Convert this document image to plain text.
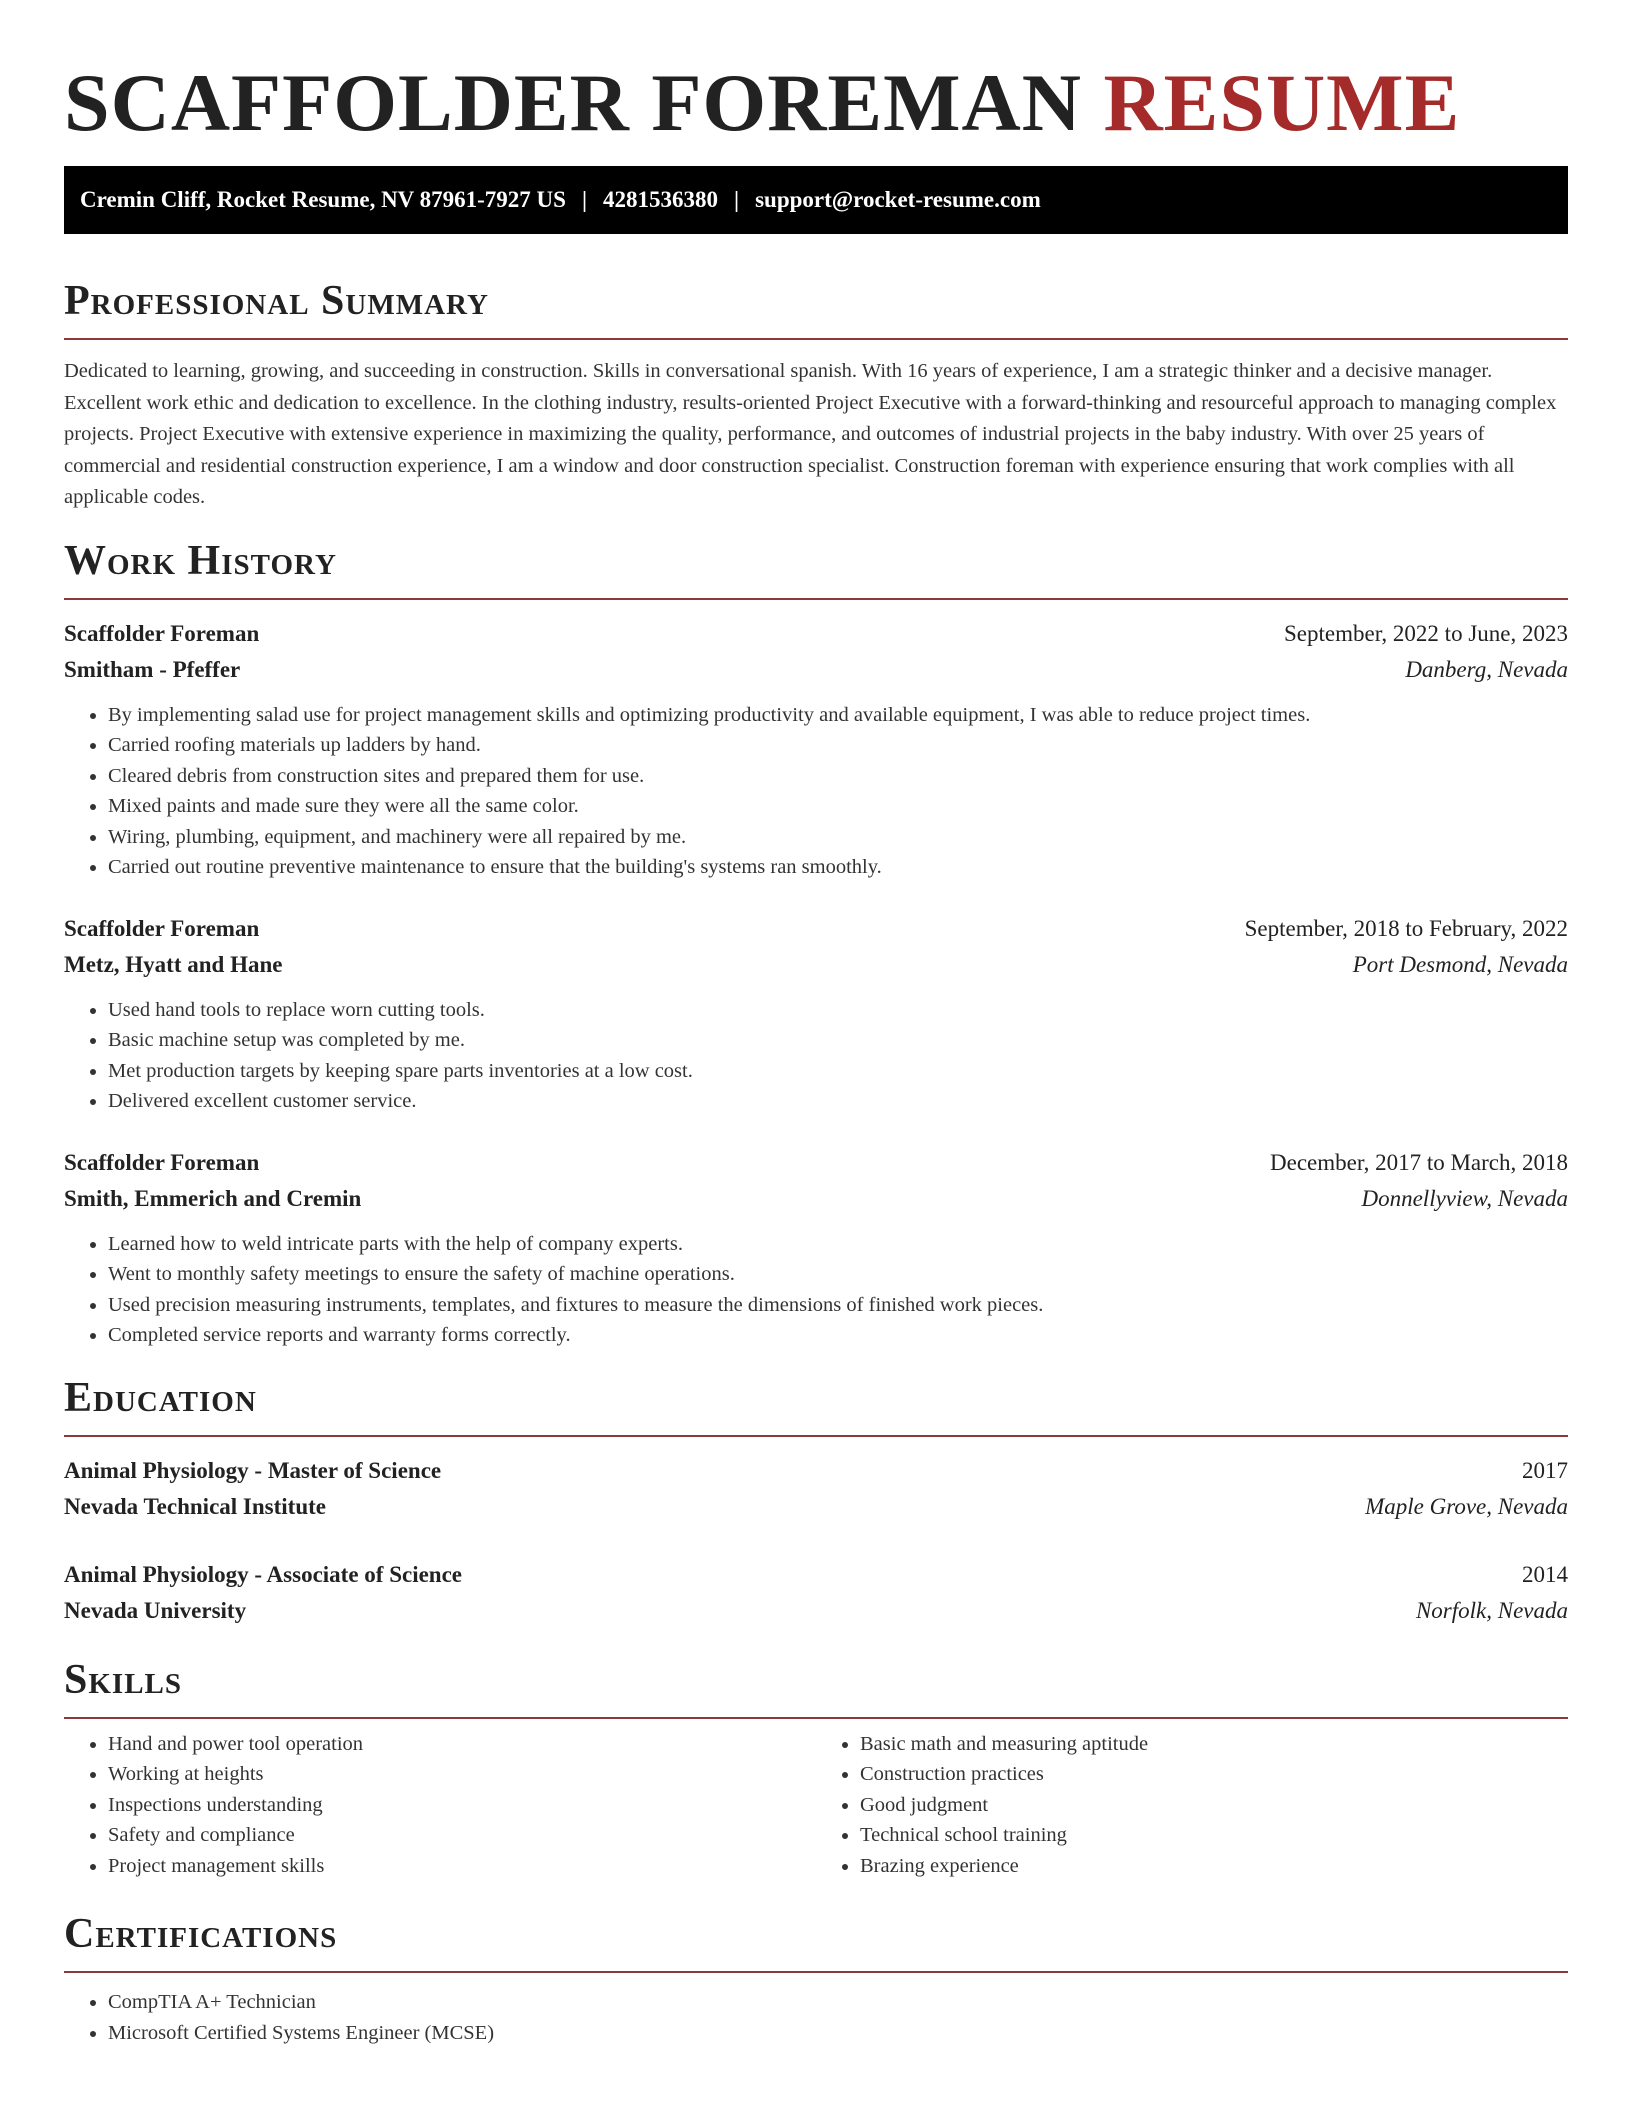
SCAFFOLDER FOREMAN RESUME
Cremin Cliff, Rocket Resume, NV 87961-7927 US | 4281536380 | support@rocket-resume.com
Professional Summary

Dedicated to learning, growing, and succeeding in construction. Skills in conversational spanish. With 16 years of experience, I am a strategic thinker and a decisive manager. Excellent work ethic and dedication to excellence. In the clothing industry, results-oriented Project Executive with a forward-thinking and resourceful approach to managing complex projects. Project Executive with extensive experience in maximizing the quality, performance, and outcomes of industrial projects in the baby industry. With over 25 years of commercial and residential construction experience, I am a window and door construction specialist. Construction foreman with experience ensuring that work complies with all applicable codes.

Work History
Scaffolder Foreman	September, 2022 to June, 2023
Smitham - Pfeffer	Danberg, Nevada
• By implementing salad use for project management skills and optimizing productivity and available equipment, I was able to reduce project times.
• Carried roofing materials up ladders by hand.
• Cleared debris from construction sites and prepared them for use.
• Mixed paints and made sure they were all the same color.
• Wiring, plumbing, equipment, and machinery were all repaired by me.
• Carried out routine preventive maintenance to ensure that the building's systems ran smoothly.
Scaffolder Foreman	September, 2018 to February, 2022
Metz, Hyatt and Hane	Port Desmond, Nevada
• Used hand tools to replace worn cutting tools.
• Basic machine setup was completed by me.
• Met production targets by keeping spare parts inventories at a low cost.
• Delivered excellent customer service.
Scaffolder Foreman	December, 2017 to March, 2018
Smith, Emmerich and Cremin	Donnellyview, Nevada
• Learned how to weld intricate parts with the help of company experts.
• Went to monthly safety meetings to ensure the safety of machine operations.
• Used precision measuring instruments, templates, and fixtures to measure the dimensions of finished work pieces.
• Completed service reports and warranty forms correctly.
Education
Animal Physiology - Master of Science	2017
Nevada Technical Institute	Maple Grove, Nevada
Animal Physiology - Associate of Science	2014
Nevada University	Norfolk, Nevada
Skills
• Hand and power tool operation
• Working at heights
• Inspections understanding
• Safety and compliance
• Project management skills
• Basic math and measuring aptitude
• Construction practices
• Good judgment
• Technical school training
• Brazing experience
Certifications
• CompTIA A+ Technician
• Microsoft Certified Systems Engineer (MCSE)
